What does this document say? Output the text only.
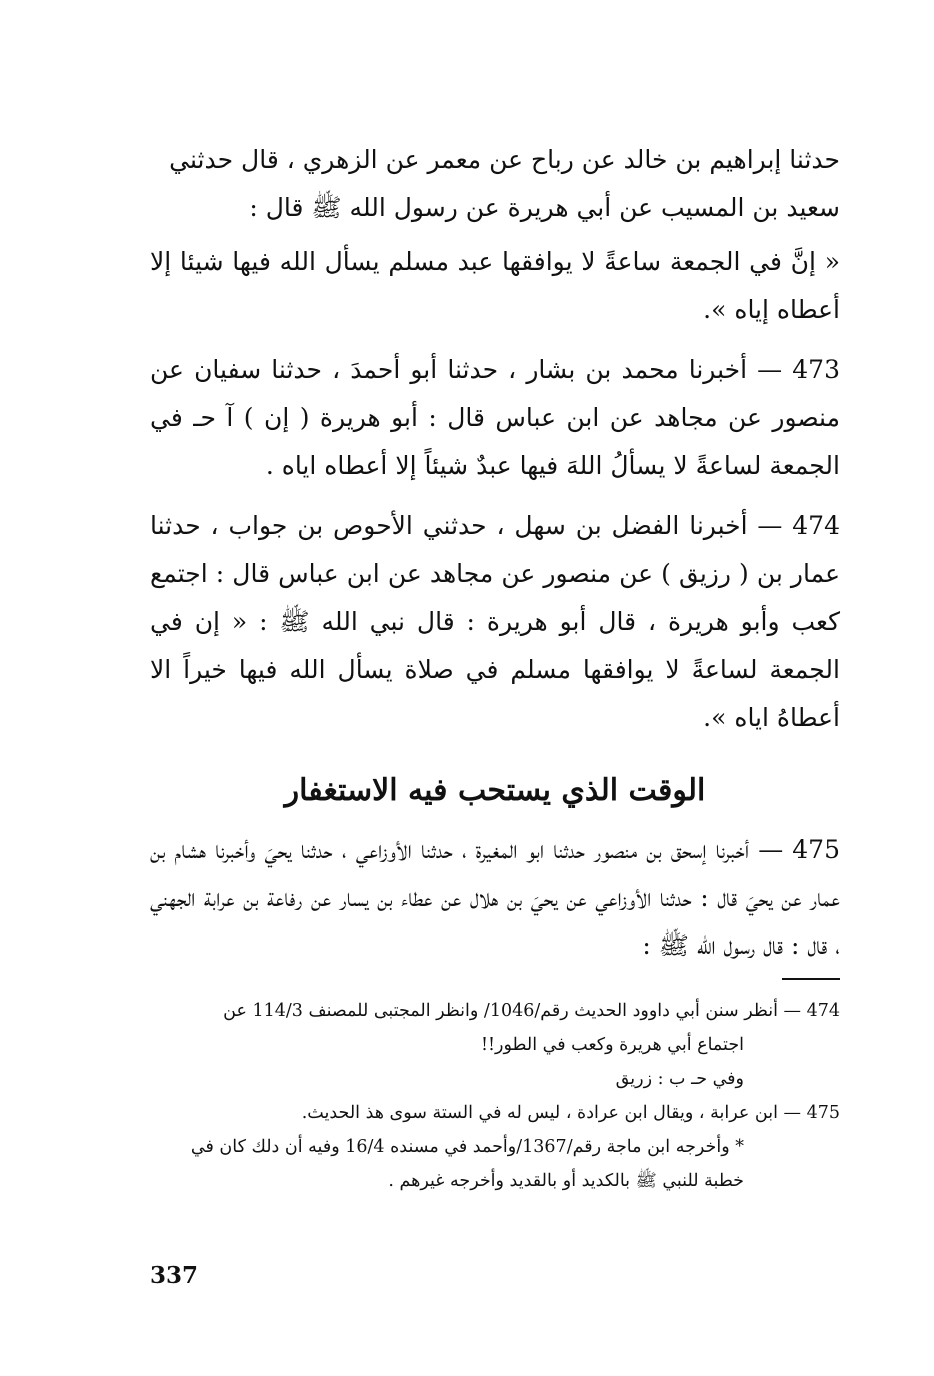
حدثنا إبراهيم بن خالد عن رباح عن معمر عن الزهري ، قال حدثني

سعيد بن المسيب عن أبي هريرة عن رسول الله ﷺ قال :

« إنَّ في الجمعة ساعةً لا يوافقها عبد مسلم يسأل الله فيها شيئا إلا أعطاه إياه ».

473 — أخبرنا محمد بن بشار ، حدثنا أبو أحمدَ ، حدثنا سفيان عن منصور عن مجاهد عن ابن عباس قال : أبو هريرة ( إن ) آ حـ في الجمعة لساعةً لا يسألُ اللهَ فيها عبدٌ شيئاً إلا أعطاه اياه .

474 — أخبرنا الفضل بن سهل ، حدثني الأحوص بن جواب ، حدثنا عمار بن ( رزيق ) عن منصور عن مجاهد عن ابن عباس قال : اجتمع كعب وأبو هريرة ، قال أبو هريرة : قال نبي الله ﷺ : « إن في الجمعة لساعةً لا يوافقها مسلم في صلاة يسأل الله فيها خيراً الا أعطاهُ اياه ».

الوقت الذي يستحب فيه الاستغفار

475 — أخبرنا إسحق بن منصور حدثنا ابو المغيرة ، حدثنا الأوزاعي ، حدثنا يحيَ وأخبرنا هشام بن عمار عن يحيَ قال : حدثنا الأوزاعي عن يحيَ بن هلال عن عطاء بن يسار عن رفاعة بن عرابة الجهني ، قال : قال رسول الله ﷺ :

474 — أنظر سنن أبي داوود الحديث رقم/1046/ وانظر المجتبى للمصنف 114/3 عن

اجتماع أبي هريرة وكعب في الطور!!

وفي حـ ب : زريق

475 — ابن عرابة ، ويقال ابن عرادة ، ليس له في الستة سوى هذ الحديث.

* وأخرجه ابن ماجة رقم/1367/وأحمد في مسنده 16/4 وفيه أن دلك كان في

خطبة للنبي ﷺ بالكديد أو بالقديد وأخرجه غيرهم .

337
